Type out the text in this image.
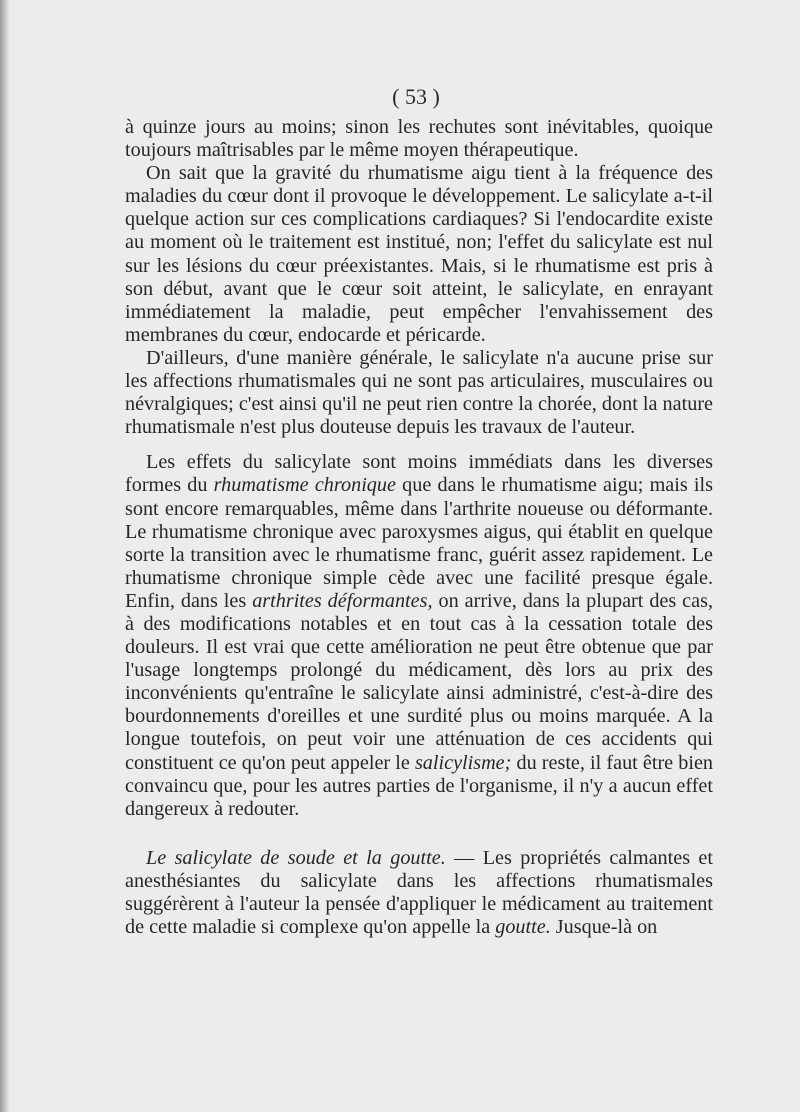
( 53 )

à quinze jours au moins; sinon les rechutes sont inévitables, quoique toujours maîtrisables par le même moyen thérapeutique.

On sait que la gravité du rhumatisme aigu tient à la fréquence des maladies du cœur dont il provoque le développement. Le salicylate a-t-il quelque action sur ces complications cardiaques? Si l'endocardite existe au moment où le traitement est institué, non; l'effet du salicylate est nul sur les lésions du cœur préexistantes. Mais, si le rhumatisme est pris à son début, avant que le cœur soit atteint, le salicylate, en enrayant immédiatement la maladie, peut empêcher l'envahissement des membranes du cœur, endocarde et péricarde.

D'ailleurs, d'une manière générale, le salicylate n'a aucune prise sur les affections rhumatismales qui ne sont pas articulaires, musculaires ou névralgiques; c'est ainsi qu'il ne peut rien contre la chorée, dont la nature rhumatismale n'est plus douteuse depuis les travaux de l'auteur.

Les effets du salicylate sont moins immédiats dans les diverses formes du rhumatisme chronique que dans le rhumatisme aigu; mais ils sont encore remarquables, même dans l'arthrite noueuse ou déformante. Le rhumatisme chronique avec paroxysmes aigus, qui établit en quelque sorte la transition avec le rhumatisme franc, guérit assez rapidement. Le rhumatisme chronique simple cède avec une facilité presque égale. Enfin, dans les arthrites déformantes, on arrive, dans la plupart des cas, à des modifications notables et en tout cas à la cessation totale des douleurs. Il est vrai que cette amélioration ne peut être obtenue que par l'usage longtemps prolongé du médicament, dès lors au prix des inconvénients qu'entraîne le salicylate ainsi administré, c'est-à-dire des bourdonnements d'oreilles et une surdité plus ou moins marquée. A la longue toutefois, on peut voir une atténuation de ces accidents qui constituent ce qu'on peut appeler le salicylisme; du reste, il faut être bien convaincu que, pour les autres parties de l'organisme, il n'y a aucun effet dangereux à redouter.

Le salicylate de soude et la goutte. — Les propriétés calmantes et anesthésiantes du salicylate dans les affections rhumatismales suggérèrent à l'auteur la pensée d'appliquer le médicament au traitement de cette maladie si complexe qu'on appelle la goutte. Jusque-là on
